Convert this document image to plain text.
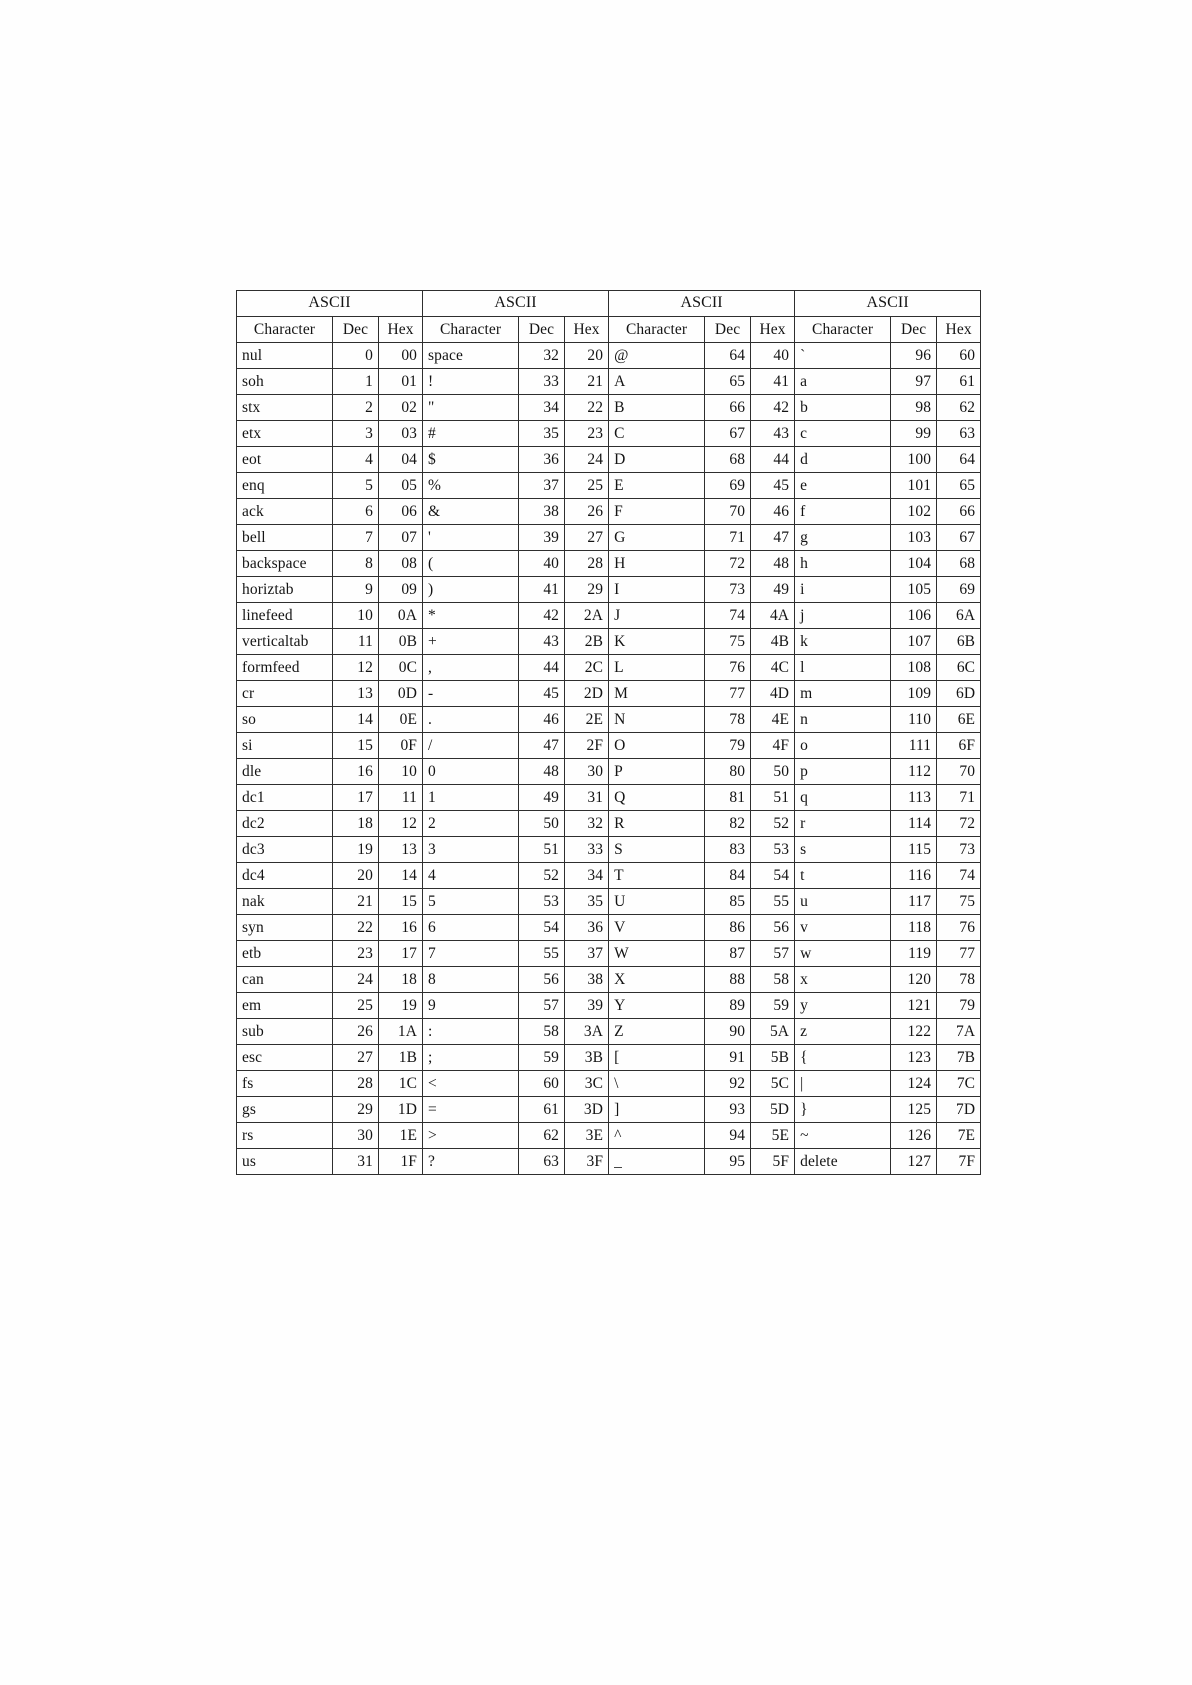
ASCII			ASCII			ASCII			ASCII		
Character	Dec	Hex	Character	Dec	Hex	Character	Dec	Hex	Character	Dec	Hex
nul	0	00	space	32	20	@	64	40	`	96	60
soh	1	01	!	33	21	A	65	41	a	97	61
stx	2	02	"	34	22	B	66	42	b	98	62
etx	3	03	#	35	23	C	67	43	c	99	63
eot	4	04	$	36	24	D	68	44	d	100	64
enq	5	05	%	37	25	E	69	45	e	101	65
ack	6	06	&	38	26	F	70	46	f	102	66
bell	7	07	'	39	27	G	71	47	g	103	67
backspace	8	08	(	40	28	H	72	48	h	104	68
horiztab	9	09	)	41	29	I	73	49	i	105	69
linefeed	10	0A	*	42	2A	J	74	4A	j	106	6A
verticaltab	11	0B	+	43	2B	K	75	4B	k	107	6B
formfeed	12	0C	,	44	2C	L	76	4C	l	108	6C
cr	13	0D	-	45	2D	M	77	4D	m	109	6D
so	14	0E	.	46	2E	N	78	4E	n	110	6E
si	15	0F	/	47	2F	O	79	4F	o	111	6F
dle	16	10	0	48	30	P	80	50	p	112	70
dc1	17	11	1	49	31	Q	81	51	q	113	71
dc2	18	12	2	50	32	R	82	52	r	114	72
dc3	19	13	3	51	33	S	83	53	s	115	73
dc4	20	14	4	52	34	T	84	54	t	116	74
nak	21	15	5	53	35	U	85	55	u	117	75
syn	22	16	6	54	36	V	86	56	v	118	76
etb	23	17	7	55	37	W	87	57	w	119	77
can	24	18	8	56	38	X	88	58	x	120	78
em	25	19	9	57	39	Y	89	59	y	121	79
sub	26	1A	:	58	3A	Z	90	5A	z	122	7A
esc	27	1B	;	59	3B	[	91	5B	{	123	7B
fs	28	1C	<	60	3C	\	92	5C	|	124	7C
gs	29	1D	=	61	3D	]	93	5D	}	125	7D
rs	30	1E	>	62	3E	^	94	5E	~	126	7E
us	31	1F	?	63	3F	_	95	5F	delete	127	7F
